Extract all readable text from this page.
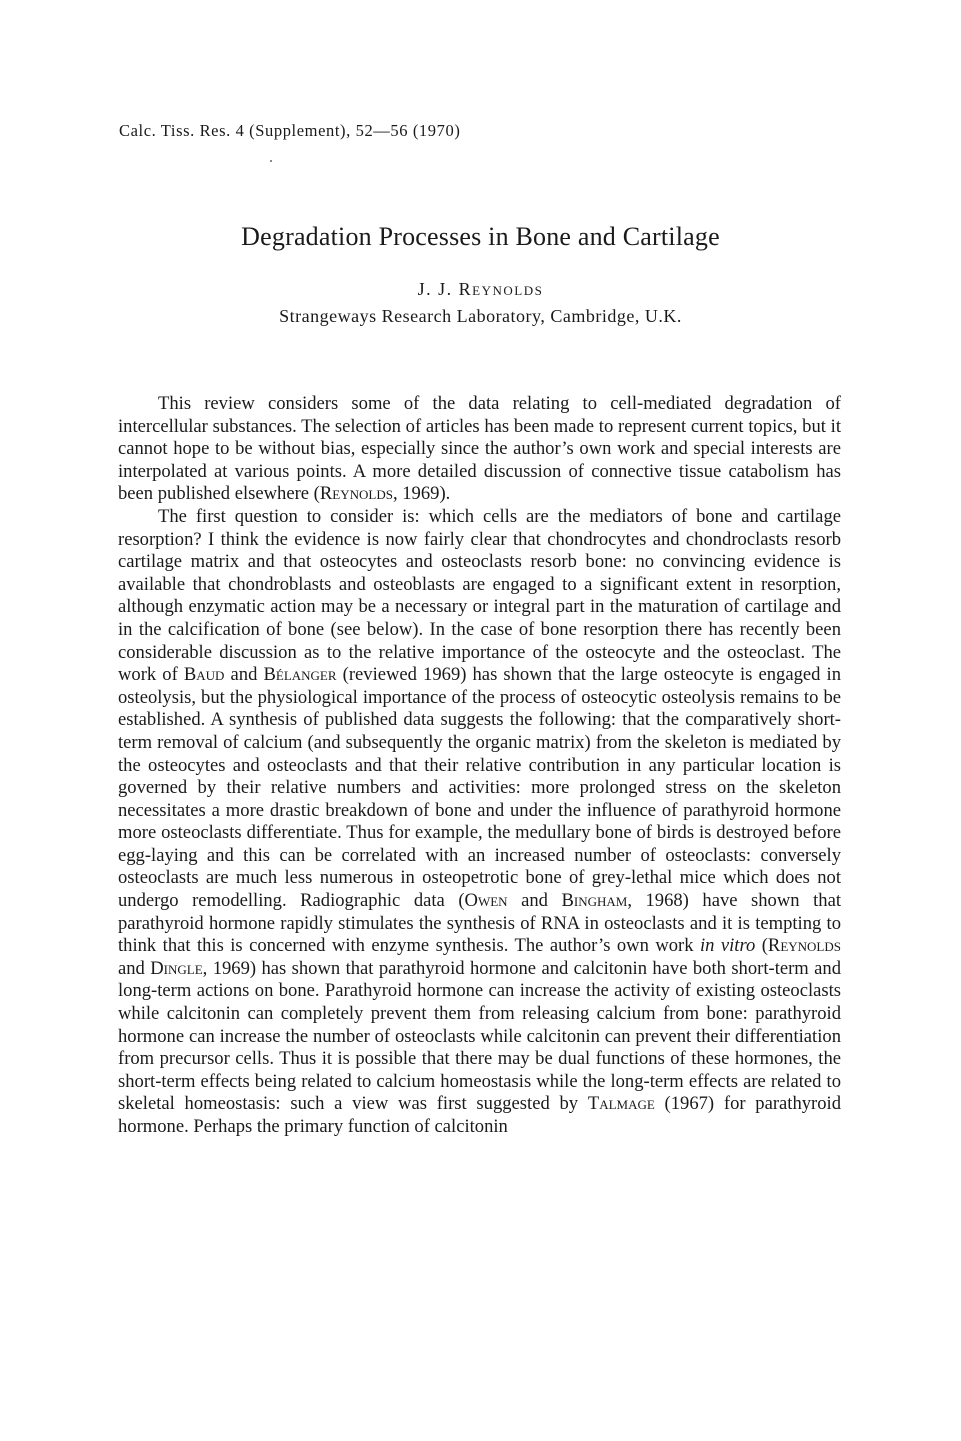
Calc. Tiss. Res. 4 (Supplement), 52—56 (1970)
Degradation Processes in Bone and Cartilage
J. J. Reynolds
Strangeways Research Laboratory, Cambridge, U.K.

This review considers some of the data relating to cell-mediated degradation of intercellular substances. The selection of articles has been made to represent current topics, but it cannot hope to be without bias, especially since the author’s own work and special interests are interpolated at various points. A more detailed discussion of connective tissue catabolism has been published elsewhere (Reynolds, 1969).

The first question to consider is: which cells are the mediators of bone and cartilage resorption? I think the evidence is now fairly clear that chondrocytes and chondroclasts resorb cartilage matrix and that osteocytes and osteoclasts resorb bone: no convincing evidence is available that chondroblasts and osteoblasts are engaged to a significant extent in resorption, although enzymatic action may be a necessary or integral part in the maturation of cartilage and in the calcification of bone (see below). In the case of bone resorption there has recently been considerable discussion as to the relative importance of the osteocyte and the osteoclast. The work of Baud and Bélanger (reviewed 1969) has shown that the large osteocyte is engaged in osteolysis, but the physiological importance of the process of osteocytic osteolysis remains to be established. A synthesis of published data suggests the following: that the comparatively short-term removal of calcium (and subsequently the organic matrix) from the skeleton is mediated by the osteocytes and osteoclasts and that their relative contribution in any particular location is governed by their relative numbers and activities: more prolonged stress on the skeleton necessitates a more drastic breakdown of bone and under the influence of parathyroid hormone more osteoclasts differentiate. Thus for example, the medullary bone of birds is destroyed before egg-laying and this can be correlated with an increased number of osteoclasts: conversely osteoclasts are much less numerous in osteopetrotic bone of grey-lethal mice which does not undergo remodelling. Radiographic data (Owen and Bingham, 1968) have shown that parathyroid hormone rapidly stimulates the synthesis of RNA in osteoclasts and it is tempting to think that this is concerned with enzyme synthesis. The author’s own work in vitro (Reynolds and Dingle, 1969) has shown that parathyroid hormone and calcitonin have both short-term and long-term actions on bone. Parathyroid hormone can increase the activity of existing osteoclasts while calcitonin can completely prevent them from releasing calcium from bone: parathyroid hormone can increase the number of osteoclasts while calcitonin can prevent their differentiation from precursor cells. Thus it is possible that there may be dual functions of these hormones, the short-term effects being related to calcium homeostasis while the long-term effects are related to skeletal homeostasis: such a view was first suggested by Talmage (1967) for parathyroid hormone. Perhaps the primary function of calcitonin
